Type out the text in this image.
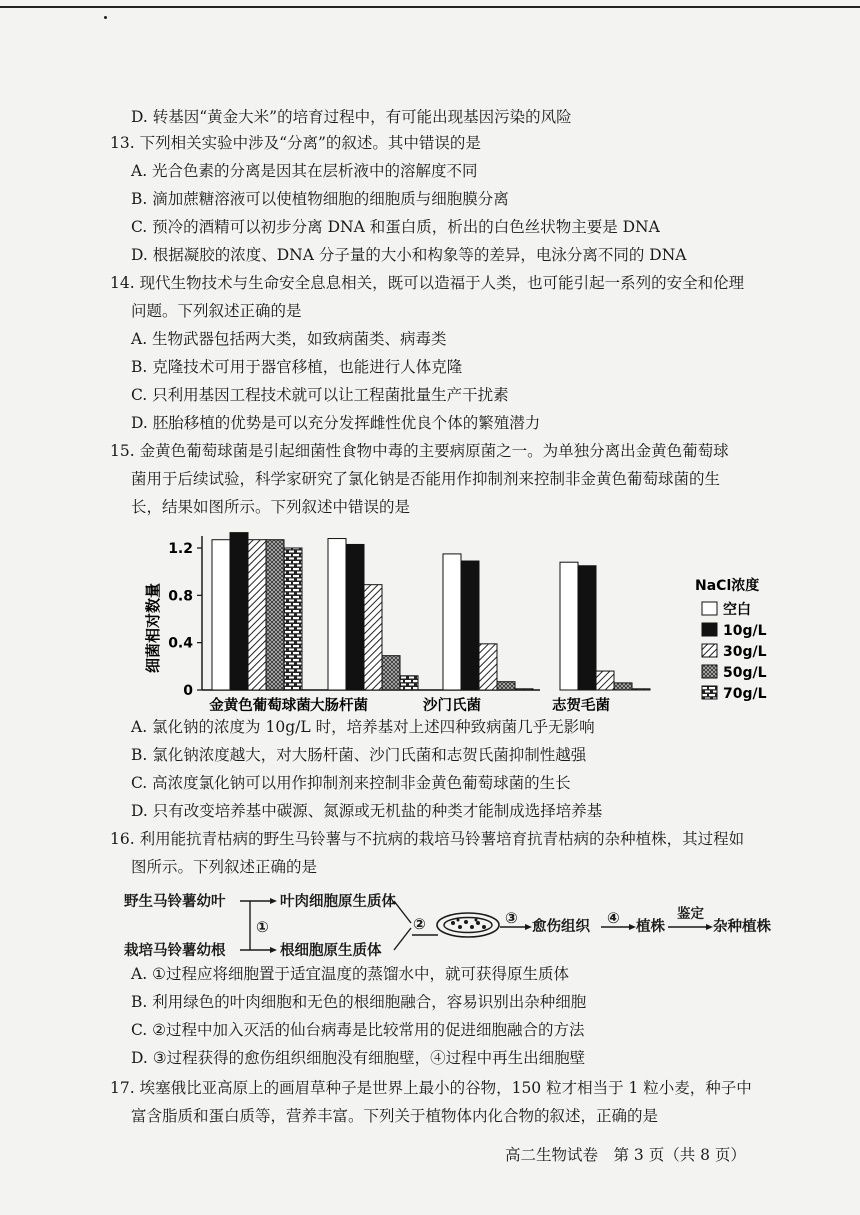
D. 转基因“黄金大米”的培育过程中，有可能出现基因污染的风险
13. 下列相关实验中涉及“分离”的叙述。其中错误的是
A. 光合色素的分离是因其在层析液中的溶解度不同
B. 滴加蔗糖溶液可以使植物细胞的细胞质与细胞膜分离
C. 预冷的酒精可以初步分离 DNA 和蛋白质，析出的白色丝状物主要是 DNA
D. 根据凝胶的浓度、DNA 分子量的大小和构象等的差异，电泳分离不同的 DNA
14. 现代生物技术与生命安全息息相关，既可以造福于人类，也可能引起一系列的安全和伦理
问题。下列叙述正确的是
A. 生物武器包括两大类，如致病菌类、病毒类
B. 克隆技术可用于器官移植，也能进行人体克隆
C. 只利用基因工程技术就可以让工程菌批量生产干扰素
D. 胚胎移植的优势是可以充分发挥雌性优良个体的繁殖潜力
15. 金黄色葡萄球菌是引起细菌性食物中毒的主要病原菌之一。为单独分离出金黄色葡萄球
菌用于后续试验，科学家研究了氯化钠是否能用作抑制剂来控制非金黄色葡萄球菌的生
长，结果如图所示。下列叙述中错误的是
细菌相对数量
0
0.4
0.8
1.2
金黄色葡萄球菌 大肠杆菌	沙门氏菌	志贺毛菌
NaCl浓度
空白
10g/L
30g/L
50g/L
70g/L
A. 氯化钠的浓度为 10g/L 时，培养基对上述四种致病菌几乎无影响
B. 氯化钠浓度越大，对大肠杆菌、沙门氏菌和志贺氏菌抑制性越强
C. 高浓度氯化钠可以用作抑制剂来控制非金黄色葡萄球菌的生长
D. 只有改变培养基中碳源、氮源或无机盐的种类才能制成选择培养基
16. 利用能抗青枯病的野生马铃薯与不抗病的栽培马铃薯培育抗青枯病的杂种植株，其过程如
图所示。下列叙述正确的是
野生马铃薯幼叶
栽培马铃薯幼根
叶肉细胞原生质体
根细胞原生质体
①	②	③ 愈伤组织 ④ 植株
鉴定
杂种植株
A. ①过程应将细胞置于适宜温度的蒸馏水中，就可获得原生质体
B. 利用绿色的叶肉细胞和无色的根细胞融合，容易识别出杂种细胞
C. ②过程中加入灭活的仙台病毒是比较常用的促进细胞融合的方法
D. ③过程获得的愈伤组织细胞没有细胞壁，④过程中再生出细胞壁
17. 埃塞俄比亚高原上的画眉草种子是世界上最小的谷物，150 粒才相当于 1 粒小麦，种子中
富含脂质和蛋白质等，营养丰富。下列关于植物体内化合物的叙述，正确的是
高二生物试卷　第 3 页（共 8 页）
